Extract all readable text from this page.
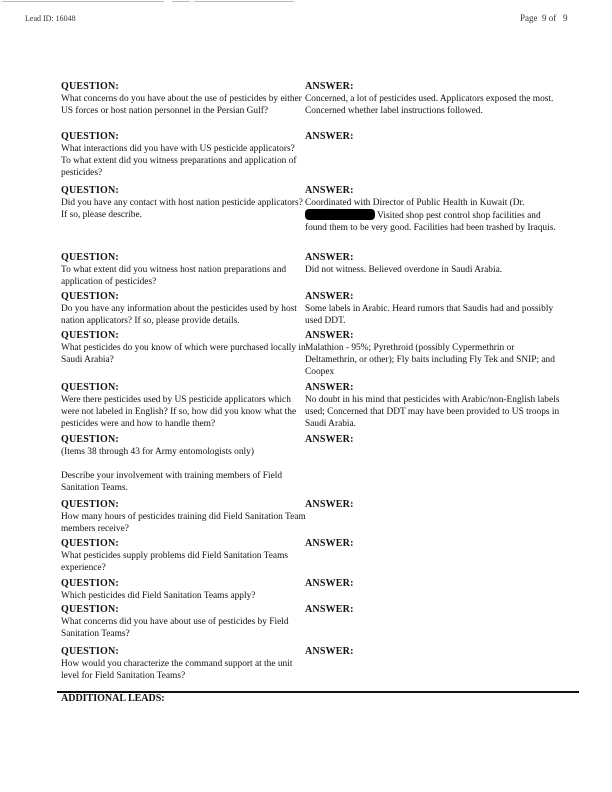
Lead ID: 16048	Page  9 of   9
QUESTION:
What concerns do you have about the use of pesticides by either US forces or host nation personnel in the Persian Gulf?
ANSWER:
Concerned, a lot of pesticides used. Applicators exposed the most. Concerned whether label instructions followed.
QUESTION:
What interactions did you have with US pesticide applicators? To what extent did you witness preparations and application of pesticides?
ANSWER:
QUESTION:
Did you have any contact with host nation pesticide applicators? If so, please describe.
ANSWER:
Coordinated with Director of Public Health in Kuwait (Dr.
Visited shop pest control shop facilities and found them to be very good. Facilities had been trashed by Iraquis.
QUESTION:
To what extent did you witness host nation preparations and application of pesticides?
ANSWER:
Did not witness. Believed overdone in Saudi Arabia.
QUESTION:
Do you have any information about the pesticides used by host nation applicators? If so, please provide details.
ANSWER:
Some labels in Arabic. Heard rumors that Saudis had and possibly used DDT.
QUESTION:
What pesticides do you know of which were purchased locally in Saudi Arabia?
ANSWER:
Malathion - 95%; Pyrethroid (possibly Cypermethrin or Deltamethrin, or other); Fly baits including Fly Tek and SNIP; and Coopex
QUESTION:
Were there pesticides used by US pesticide applicators which were not labeled in English? If so, how did you know what the pesticides were and how to handle them?
ANSWER:
No doubt in his mind that pesticides with Arabic/non-English labels used; Concerned that DDT may have been provided to US troops in Saudi Arabia.
QUESTION:
(Items 38 through 43 for Army entomologists only)
Describe your involvement with training members of Field Sanitation Teams.
ANSWER:
QUESTION:
How many hours of pesticides training did Field Sanitation Team members receive?
ANSWER:
QUESTION:
What pesticides supply problems did Field Sanitation Teams experience?
ANSWER:
QUESTION:
Which pesticides did Field Sanitation Teams apply?
ANSWER:
QUESTION:
What concerns did you have about use of pesticides by Field Sanitation Teams?
ANSWER:
QUESTION:
How would you characterize the command support at the unit level for Field Sanitation Teams?
ANSWER:
ADDITIONAL LEADS:
